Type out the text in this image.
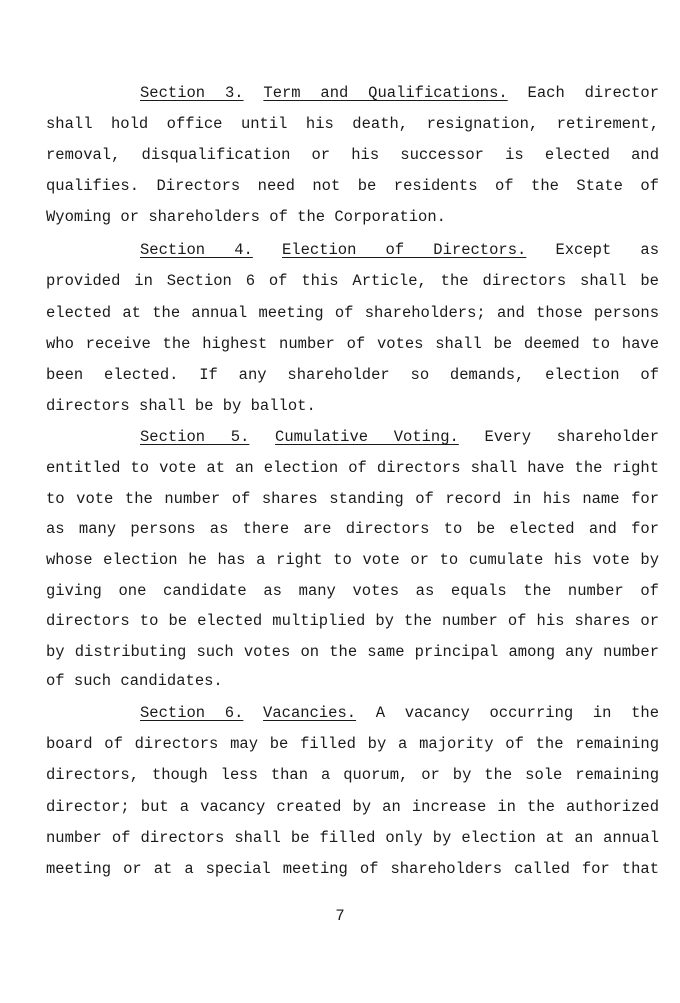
Section 3. Term and Qualifications. Each director
shall hold office until his death, resignation, retirement,
removal, disqualification or his successor is elected and
qualifies. Directors need not be residents of the State of
Wyoming or shareholders of the Corporation.
Section 4. Election of Directors. Except as
provided in Section 6 of this Article, the directors shall be
elected at the annual meeting of shareholders; and those persons
who receive the highest number of votes shall be deemed to have
been elected. If any shareholder so demands, election of
directors shall be by ballot.
Section 5. Cumulative Voting. Every shareholder
entitled to vote at an election of directors shall have the right
to vote the number of shares standing of record in his name for
as many persons as there are directors to be elected and for
whose election he has a right to vote or to cumulate his vote by
giving one candidate as many votes as equals the number of
directors to be elected multiplied by the number of his shares or
by distributing such votes on the same principal among any number
of such candidates.
Section 6. Vacancies. A vacancy occurring in the
board of directors may be filled by a majority of the remaining
directors, though less than a quorum, or by the sole remaining
director; but a vacancy created by an increase in the authorized
number of directors shall be filled only by election at an annual
meeting or at a special meeting of shareholders called for that
7
